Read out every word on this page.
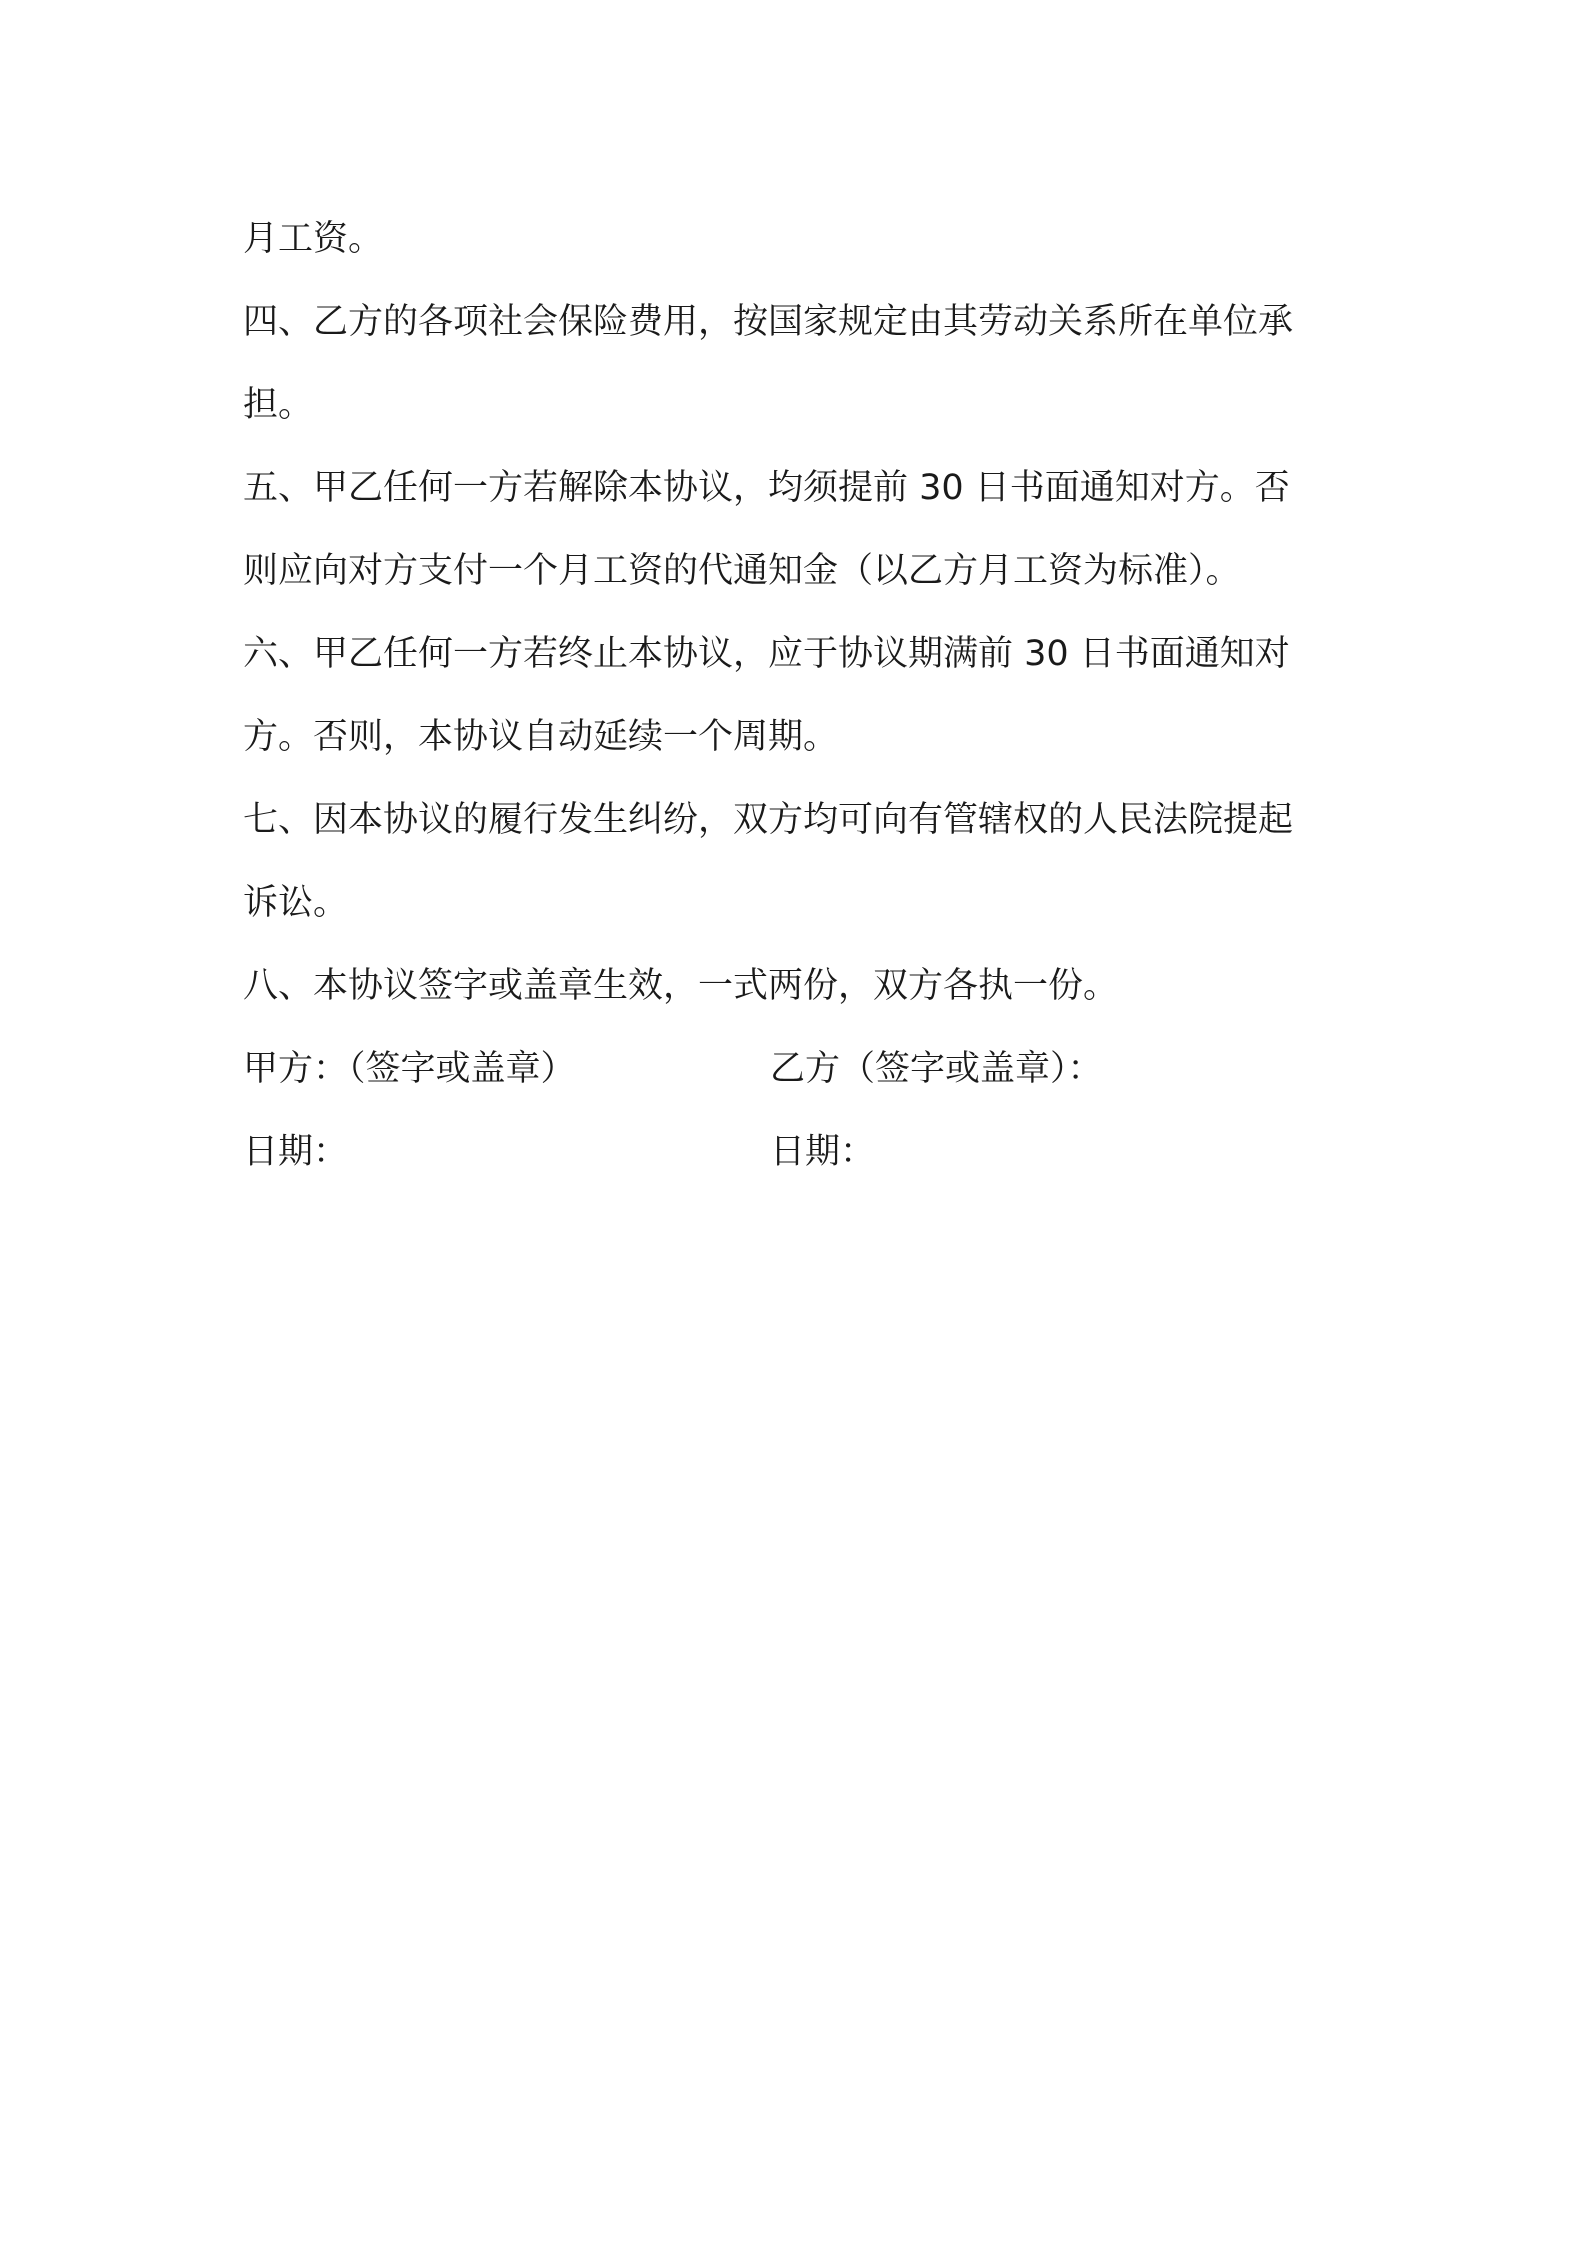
月工资。
四、乙方的各项社会保险费用，按国家规定由其劳动关系所在单位承
担。
五、甲乙任何一方若解除本协议，均须提前 30 日书面通知对方。否
则应向对方支付一个月工资的代通知金（以乙方月工资为标准）。
六、甲乙任何一方若终止本协议，应于协议期满前 30 日书面通知对
方。否则，本协议自动延续一个周期。
七、因本协议的履行发生纠纷，双方均可向有管辖权的人民法院提起
诉讼。
八、本协议签字或盖章生效，一式两份，双方各执一份。
甲方：（签字或盖章）	乙方（签字或盖章）：
日期：	日期：
